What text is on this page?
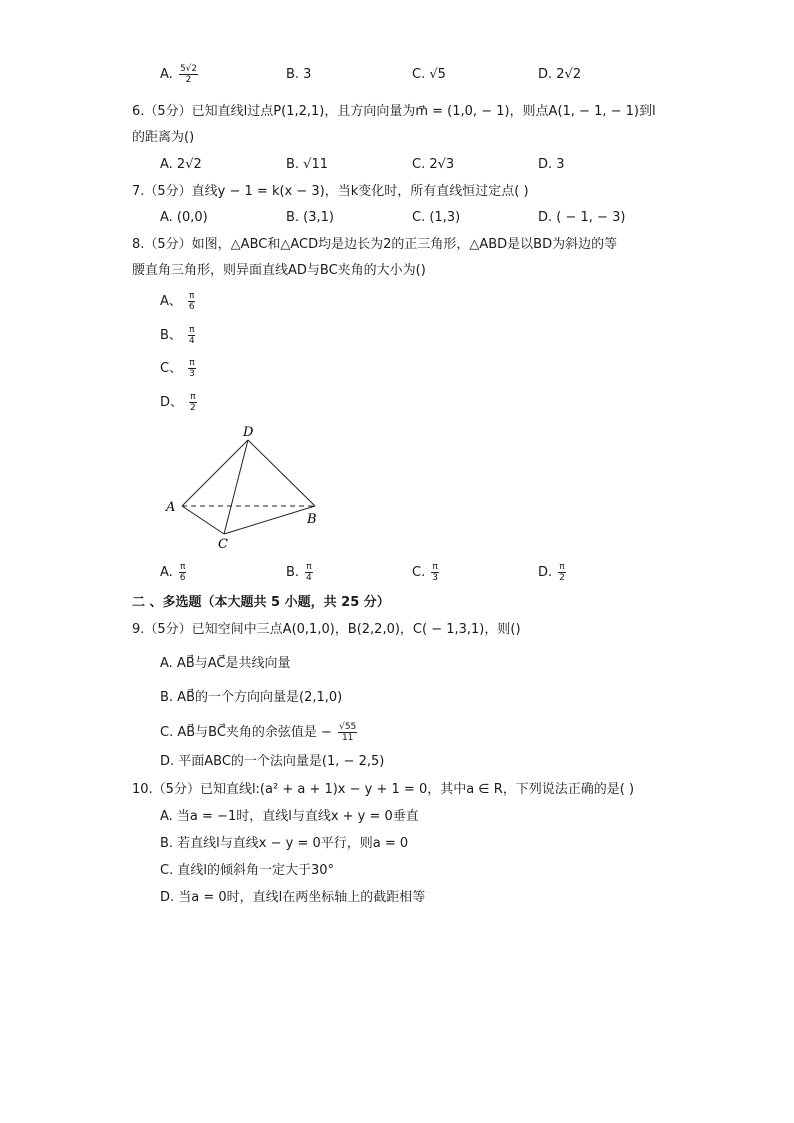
A. $\frac{5√2}{2}$	B. 3	C. √5	D. 2√2
6.（5分）已知直线l过点P(1,2,1)，且方向向量为m⃗ = (1,0, − 1)，则点A(1, − 1, − 1)到l
的距离为()
A. 2√2	B. √11	C. 2√3	D. 3
7.（5分）直线y − 1 = k(x − 3)，当k变化时，所有直线恒过定点( )
A. (0,0)	B. (3,1)	C. (1,3)	D. ( − 1, − 3)
8.（5分）如图，△ABC和△ACD均是边长为2的正三角形，△ABD是以BD为斜边的等
腰直角三角形，则异面直线AD与BC夹角的大小为()
A、 $\frac{\pi}{6}$
B、 $\frac{\pi}{4}$
C、 $\frac{\pi}{3}$
D、 $\frac{\pi}{2}$
D
A
B
C
A. $\frac{\pi}{6}$	B. $\frac{\pi}{4}$	C. $\frac{\pi}{3}$	D. $\frac{\pi}{2}$
二 、多选题（本大题共 5 小题，共 25 分）
9.（5分）已知空间中三点A(0,1,0)，B(2,2,0)，C( − 1,3,1)，则()
A. AB⃗与AC⃗是共线向量
B. AB⃗的一个方向向量是(2,1,0)
C. AB⃗与BC⃗夹角的余弦值是 − $\frac{√55}{11}$
D. 平面ABC的一个法向量是(1, − 2,5)
10.（5分）已知直线l:(a² + a + 1)x − y + 1 = 0，其中a ∈ R，下列说法正确的是( )
A. 当a = −1时，直线l与直线x + y = 0垂直
B. 若直线l与直线x − y = 0平行，则a = 0
C. 直线l的倾斜角一定大于30°
D. 当a = 0时，直线l在两坐标轴上的截距相等
